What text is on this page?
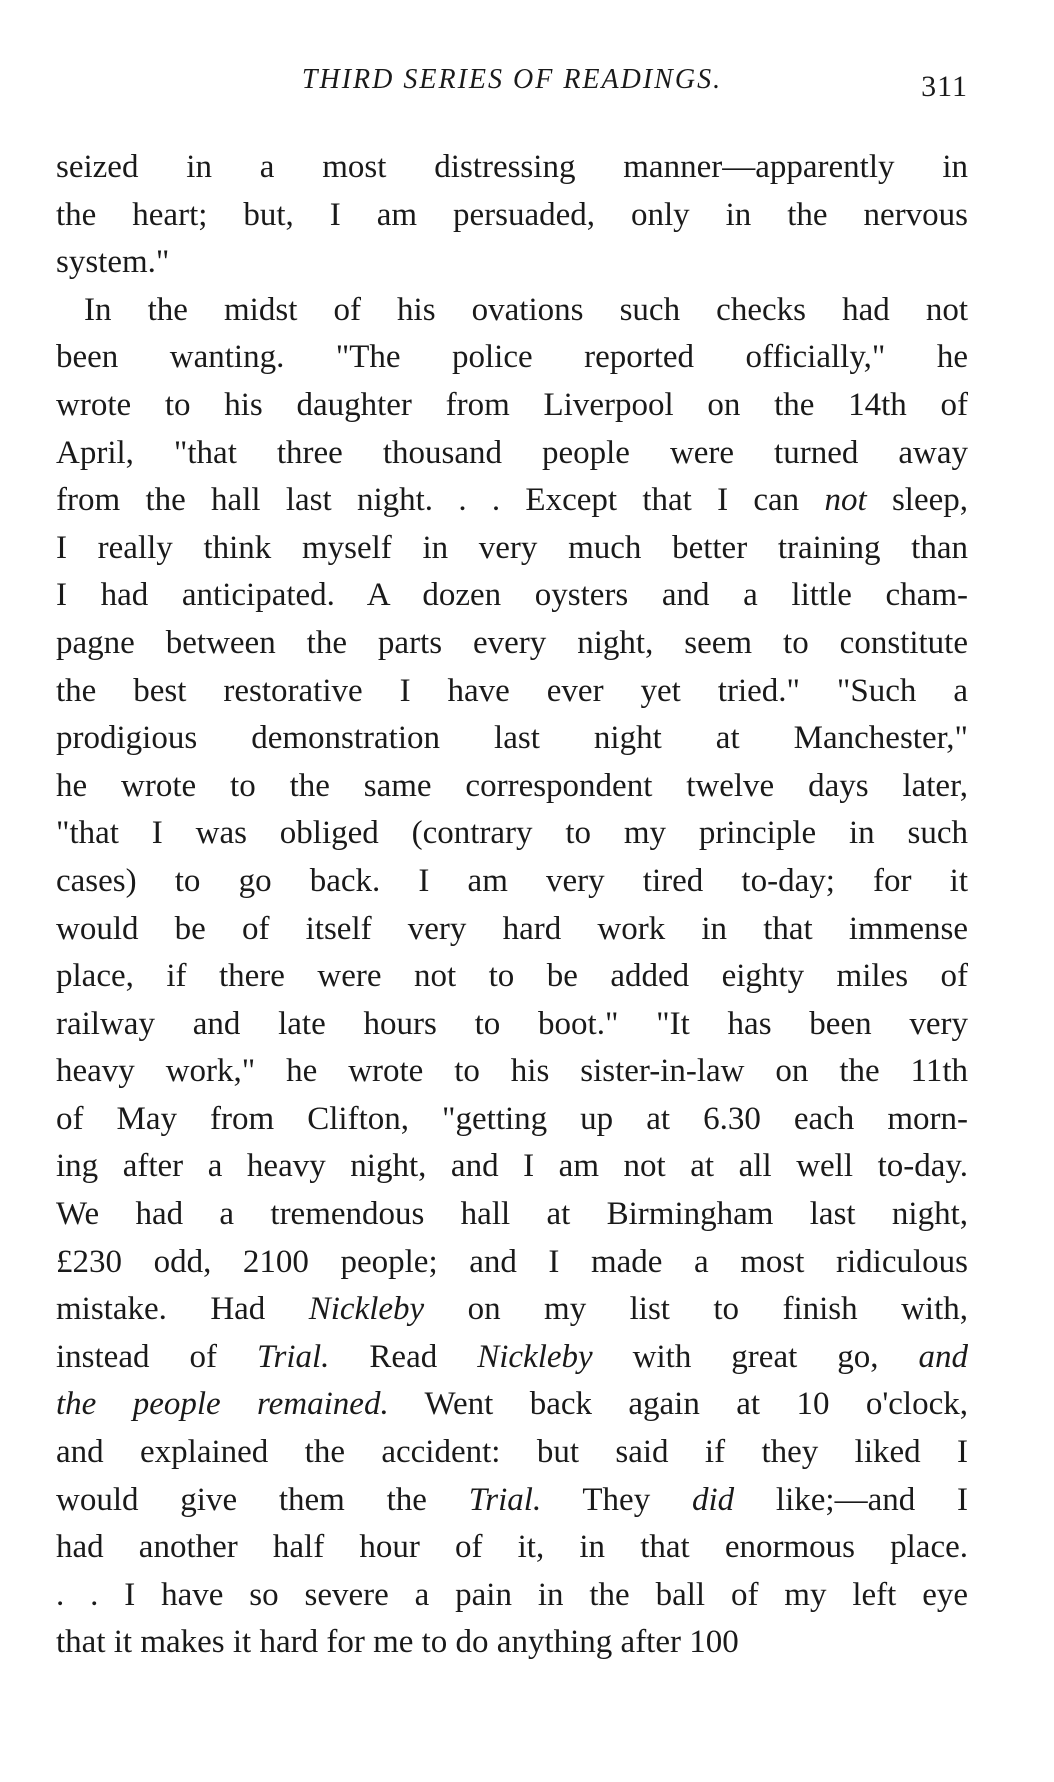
THIRD SERIES OF READINGS.	311
seized in a most distressing manner—apparently in
the heart; but, I am persuaded, only in the nervous
system."
In the midst of his ovations such checks had not
been wanting. "The police reported officially," he
wrote to his daughter from Liverpool on the 14th of
April, "that three thousand people were turned away
from the hall last night. . . Except that I can not sleep,
I really think myself in very much better training than
I had anticipated. A dozen oysters and a little cham-
pagne between the parts every night, seem to constitute
the best restorative I have ever yet tried." "Such a
prodigious demonstration last night at Manchester,"
he wrote to the same correspondent twelve days later,
"that I was obliged (contrary to my principle in such
cases) to go back. I am very tired to-day; for it
would be of itself very hard work in that immense
place, if there were not to be added eighty miles of
railway and late hours to boot." "It has been very
heavy work," he wrote to his sister-in-law on the 11th
of May from Clifton, "getting up at 6.30 each morn-
ing after a heavy night, and I am not at all well to-day.
We had a tremendous hall at Birmingham last night,
£230 odd, 2100 people; and I made a most ridiculous
mistake. Had Nickleby on my list to finish with,
instead of Trial. Read Nickleby with great go, and
the people remained. Went back again at 10 o'clock,
and explained the accident: but said if they liked I
would give them the Trial. They did like;—and I
had another half hour of it, in that enormous place.
. . I have so severe a pain in the ball of my left eye
that it makes it hard for me to do anything after 100
